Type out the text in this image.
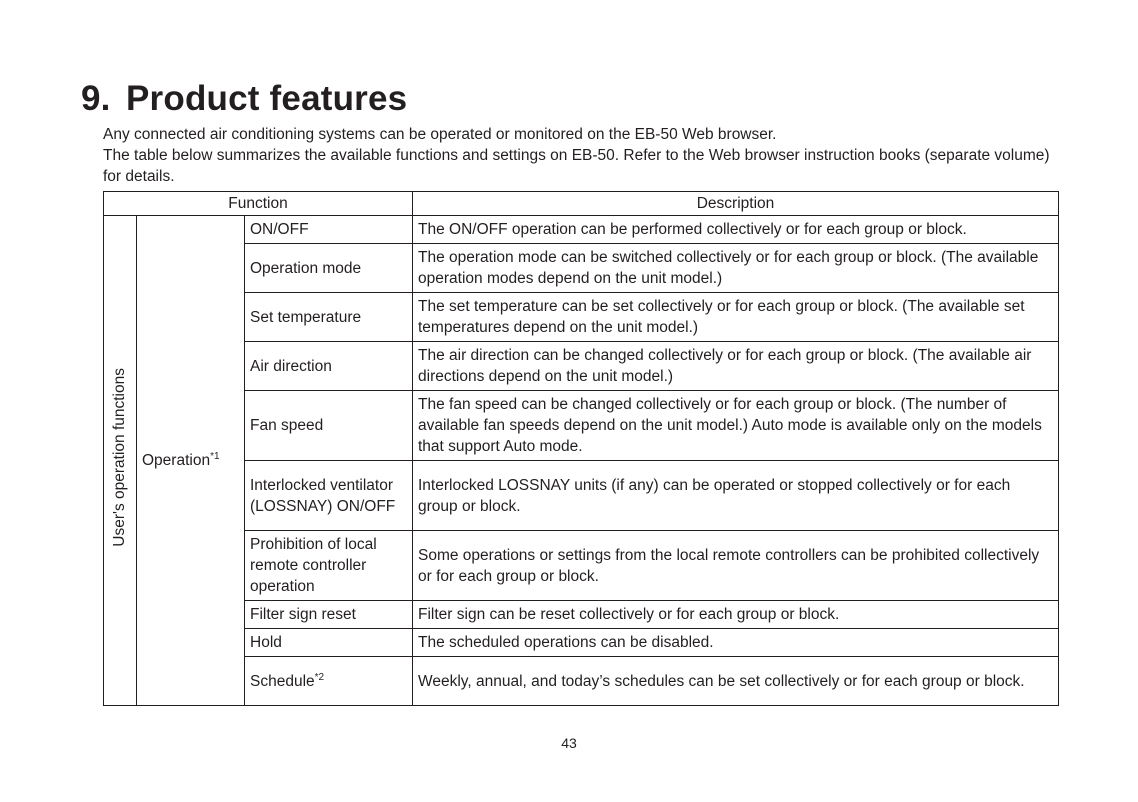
9. Product features

Any connected air conditioning systems can be operated or monitored on the EB-50 Web browser.

The table below summarizes the available functions and settings on EB-50. Refer to the Web browser instruction books (separate volume) for details.

Function			Description
User's operation functions	Operation$^{*1}$	ON/OFF	The ON/OFF operation can be performed collectively or for each group or block.
		Operation mode	The operation mode can be switched collectively or for each group or block. (The available operation modes depend on the unit model.)
		Set temperature	The set temperature can be set collectively or for each group or block. (The available set temperatures depend on the unit model.)
		Air direction	The air direction can be changed collectively or for each group or block. (The available air directions depend on the unit model.)
		Fan speed	The fan speed can be changed collectively or for each group or block. (The number of available fan speeds depend on the unit model.) Auto mode is available only on the models that support Auto mode.
		Interlocked ventilator (LOSSNAY) ON/OFF	Interlocked LOSSNAY units (if any) can be operated or stopped collectively or for each group or block.
		Prohibition of local remote controller operation	Some operations or settings from the local remote controllers can be prohibited collectively or for each group or block.
		Filter sign reset	Filter sign can be reset collectively or for each group or block.
		Hold	The scheduled operations can be disabled.
		Schedule$^{*2}$	Weekly, annual, and today’s schedules can be set collectively or for each group or block.
43
